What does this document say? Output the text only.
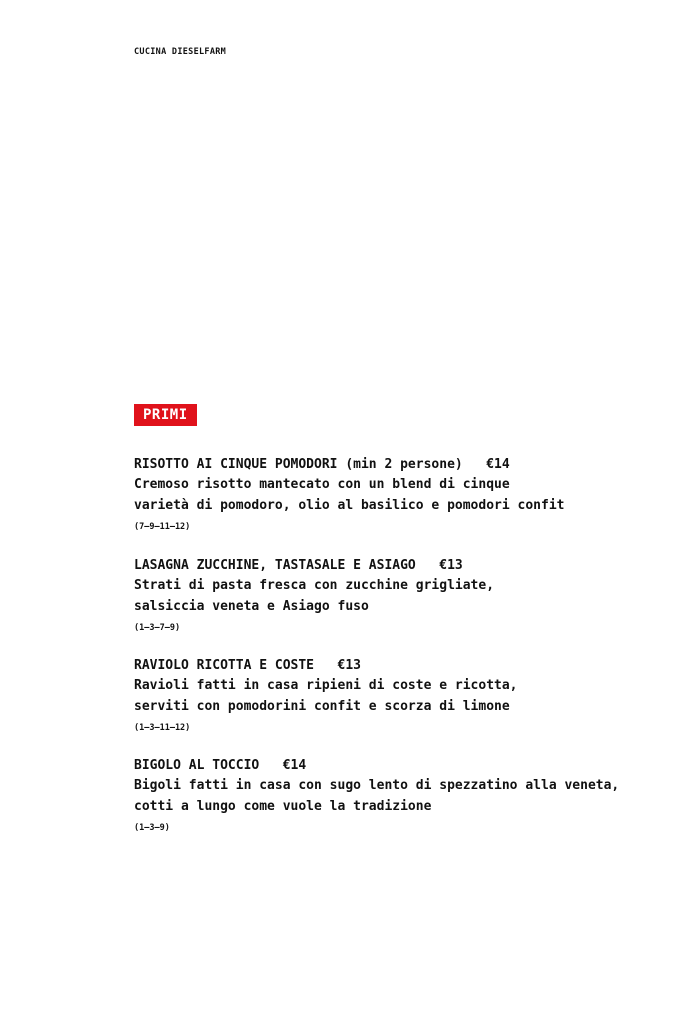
CUCINA DIESELFARM
PRIMI
RISOTTO AI CINQUE POMODORI (min 2 persone) €14
Cremoso risotto mantecato con un blend di cinque
varietà di pomodoro, olio al basilico e pomodori confit
(7–9–11–12)
LASAGNA ZUCCHINE, TASTASALE E ASIAGO €13
Strati di pasta fresca con zucchine grigliate,
salsiccia veneta e Asiago fuso
(1–3–7–9)
RAVIOLO RICOTTA E COSTE €13
Ravioli fatti in casa ripieni di coste e ricotta,
serviti con pomodorini confit e scorza di limone
(1–3–11–12)
BIGOLO AL TOCCIO €14
Bigoli fatti in casa con sugo lento di spezzatino alla veneta,
cotti a lungo come vuole la tradizione
(1–3–9)
